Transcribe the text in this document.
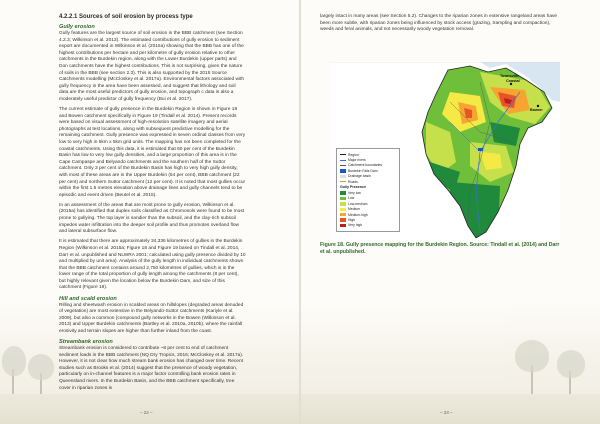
4.2.2.1 Sources of soil erosion by process type
Gully erosion

Gully features are the largest source of soil erosion in the BBB catchment (see Section 4.2.3; Wilkinson et al. 2013). The estimated contributions of gully erosion to sediment export are documented in Wilkinson et al. (2015a) showing that the BBB has one of the highest contributions per hectare and per kilometre of gully erosion relative to other catchments in the Burdekin region, along with the Lower Burdekin (upper parts) and Don catchments have the highest contributions. This is not surprising, given the nature of soils in the BBB (see section 2.3). This is also supported by the 2015 Source Catchments modelling (McCloskey et al. 2017a). Environmental factors associated with gully frequency in the area have been assessed, and suggest that lithology and soil data are the most useful predictors of gully erosion, and topograph c data is also a moderately useful predictor of gully frequency (Bui et al. 2017).

The current estimate of gully presence in the Burdekin Region is shown in Figure 18 and Bowen catchment specifically in Figure 19 (Tindall et al. 2014). Present records were based on visual assessment of high-resolution satellite imagery and aerial photographs at test locations, along with subsequent predictive modelling for the remaining catchment. Gully presence was expressed in seven ordinal classes from very low to very high in 5km x 5km grid units. The mapping has not been completed for the coastal catchments. Using this data, it is estimated that 60 per cent of the Burdekin Basin has low to very low gully densities, and a large proportion of this area is in the Cape Campaspe and Belyando catchments and the southern half of the Suttor catchment. Only 3 per cent of the Burdekin Basin has high to very high gully density, with most of these areas are in the Upper Burdekin (54 per cent), BBB catchment (22 per cent) and northern Suttor catchment (12 per cent). It is noted that most gullies occur within the first 1.5 metres elevation above drainage lines and gully channels tend to be episodic and event driven (Beutel et al. 2015).

In an assessment of the areas that are most prone to gully erosion, Wilkinson et al. (2015a) has identified that duplex soils classified as Chromosols were found to be most prone to gullying. The top layer is sandier than the subsoil, and the clay-rich subsoil impedes water infiltration into the deeper soil profile and thus promotes overland flow and lateral subsurface flow.

It is estimated that there are approximately 34,336 kilometres of gullies in the Burdekin Region (Wilkinson et al. 2015a; Figure 18 and Figure 19 based on Tindall et al. 2014, Darr et al. unpublished and NLWRA 2001; calculated using gully presence divided by 10 and multiplied by unit area). Analysis of the gully length in individual catchments shows that the BBB catchment contains around 2,750 kilometres of gullies, which is in the lower range of the total proportion of gully length among the catchments (8 per cent), but highly relevant given the location below the Burdekin Dam, and size of this catchment (Figure 19).

Hill and scald erosion

Rilling and sheetwash erosion in scalded areas on hillslopes (degraded areas denuded of vegetation) are most extensive in the Belyando-Suttor catchments (Kariyle et al. 2009), but also a common (compound gully networks in the Bowen (Wilkinson et al. 2013) and Upper Burdekin catchments (Bartley et al. 2010a, 2010b), where the rainfall erosivity and terrain slopes are higher than further inland from the coast.

Streambank erosion

Streambank erosion is considered to contribute ~8 per cent to end of catchment sediment loads in the BBB catchment (NQ Dry Tropics, 2016; McCloskey et al. 2017a). However, it is not clear how much stream bank erosion has changed over time. Recent studies such as Brooks et al. (2014) suggest that the presence of woody vegetation, particularly on in-channel features is a major factor controlling bank erosion rates in Queensland rivers. In the Burdekin Basin, and the BBB catchment specifically, tree cover in riparian zones is

– 22 –	– 23 –

largely intact in many areas (see Section 5.2). Changes to the riparian zones in extensive rangeland areas have been more subtle, with riparian zones being influenced by stock access (grazing, trampling and compaction), weeds and feral animals, and not necessarily woody vegetation removal.

Townsville
Coastal
Bowen
Region
Major rivers
Catchment boundaries
Burdekin Falls Dam
Drainage basin
Roads
Gully Presence
Very low
Low
Low-medium
Medium
Medium-high
High
Very high
Figure 18. Gully presence mapping for the Burdekin Region. Source: Tindall et al. (2014) and Darr et al. unpublished.
